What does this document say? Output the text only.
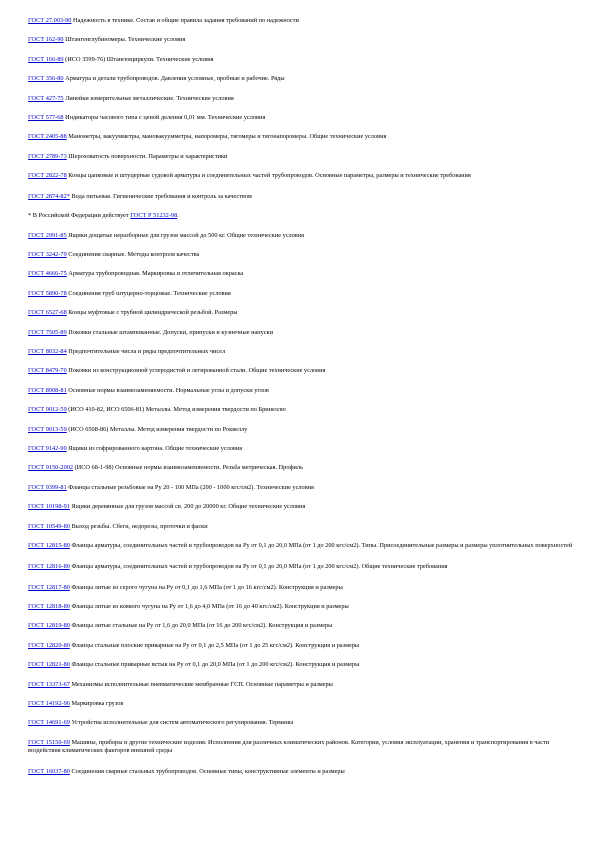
ГОСТ 27.003-90 Надежность в технике. Состав и общие правила задания требований по надежности
ГОСТ 162-90 Штангенглубиномеры. Технические условия
ГОСТ 166-89 (ИСО 3599-76) Штангенциркули. Технические условия
ГОСТ 356-80 Арматура и детали трубопроводов. Давления условные, пробные и рабочие. Ряды
ГОСТ 427-75 Линейки измерительные металлические. Технические условия
ГОСТ 577-68 Индикаторы часового типа с ценой деления 0,01 мм. Технические условия
ГОСТ 2405-88 Манометры, вакуумметры, мановакуумметры, напоромеры, тягомеры и тягонапоромеры. Общие технические условия
ГОСТ 2789-73 Шероховатость поверхности. Параметры и характеристики
ГОСТ 2822-78 Концы цапковые и штуцерные судовой арматуры и соединительных частей трубопроводов. Основные параметры, размеры и технические требования
ГОСТ 2874-82* Вода питьевая. Гигиенические требования и контроль за качеством
* В Российской Федерации действует ГОСТ Р 51232-98.
ГОСТ 2991-85 Ящики дощатые неразборные для грузов массой до 500 кг. Общие технические условия
ГОСТ 3242-79 Соединения сварные. Методы контроля качества
ГОСТ 4666-75 Арматура трубопроводная. Маркировка и отличительная окраска
ГОСТ 5890-78 Соединения труб штуцерно-торцовые. Технические условия
ГОСТ 6527-68 Концы муфтовые с трубной цилиндрической резьбой. Размеры
ГОСТ 7505-89 Поковки стальные штампованные. Допуски, припуски и кузнечные напуски
ГОСТ 8032-84 Предпочтительные числа и ряды предпочтительных чисел
ГОСТ 8479-70 Поковки из конструкционной углеродистой и легированной стали. Общие технические условия
ГОСТ 8908-81 Основные нормы взаимозаменяемости. Нормальные углы и допуски углов
ГОСТ 9012-59 (ИСО 410-82, ИСО 6506-81) Металлы. Метод измерения твердости по Бринеллю
ГОСТ 9013-59 (ИСО 6508-86) Металлы. Метод измерения твердости по Роквеллу
ГОСТ 9142-90 Ящики из гофрированного картона. Общие технические условия
ГОСТ 9150-2002 (ИСО 68-1-98) Основные нормы взаимозаменяемости. Резьба метрическая. Профиль
ГОСТ 9399-81 Фланцы стальные резьбовые на Ру 20 - 100 МПа (200 - 1000 кгс/см2). Технические условия
ГОСТ 10198-91 Ящики деревянные для грузов массой св. 200 до 20000 кг. Общие технические условия
ГОСТ 10549-80 Выход резьбы. Сбеги, недорезы, проточки и фаски
ГОСТ 12815-80 Фланцы арматуры, соединительных частей и трубопроводов на Ру от 0,1 до 20,0 МПа (от 1 до 200 кгс/см2). Типы. Присоединительные размеры и размеры уплотнительных поверхностей
ГОСТ 12816-80 Фланцы арматуры, соединительных частей и трубопроводов на Ру от 0,1 до 20,0 МПа (от 1 до 200 кгс/см2). Общие технические требования
ГОСТ 12817-80 Фланцы литые из серого чугуна на Ру от 0,1 до 1,6 МПа (от 1 до 16 кгс/см2). Конструкция и размеры
ГОСТ 12818-80 Фланцы литые из ковкого чугуна на Ру от 1,6 до 4,0 МПа (от 16 до 40 кгс/см2). Конструкция и размеры
ГОСТ 12819-80 Фланцы литые стальные на Ру от 1,6 до 20,0 МПа (от 16 до 200 кгс/см2). Конструкция и размеры
ГОСТ 12820-80 Фланцы стальные плоские приварные на Ру от 0,1 до 2,5 МПа (от 1 до 25 кгс/см2). Конструкция и размеры
ГОСТ 12821-80 Фланцы стальные приварные встык на Ру от 0,1 до 20,0 МПа (от 1 до 200 кгс/см2). Конструкция и размеры
ГОСТ 13373-67 Механизмы исполнительные пневматические мембранные ГСП. Основные параметры и размеры
ГОСТ 14192-96 Маркировка грузов
ГОСТ 14691-69 Устройства исполнительные для систем автоматического регулирования. Термины
ГОСТ 15150-69 Машины, приборы и другие технические изделия. Исполнения для различных климатических районов. Категории, условия эксплуатации, хранения и транспортирования в части воздействия климатических факторов внешней среды
ГОСТ 16037-80 Соединения сварные стальных трубопроводов. Основные типы, конструктивные элементы и размеры
